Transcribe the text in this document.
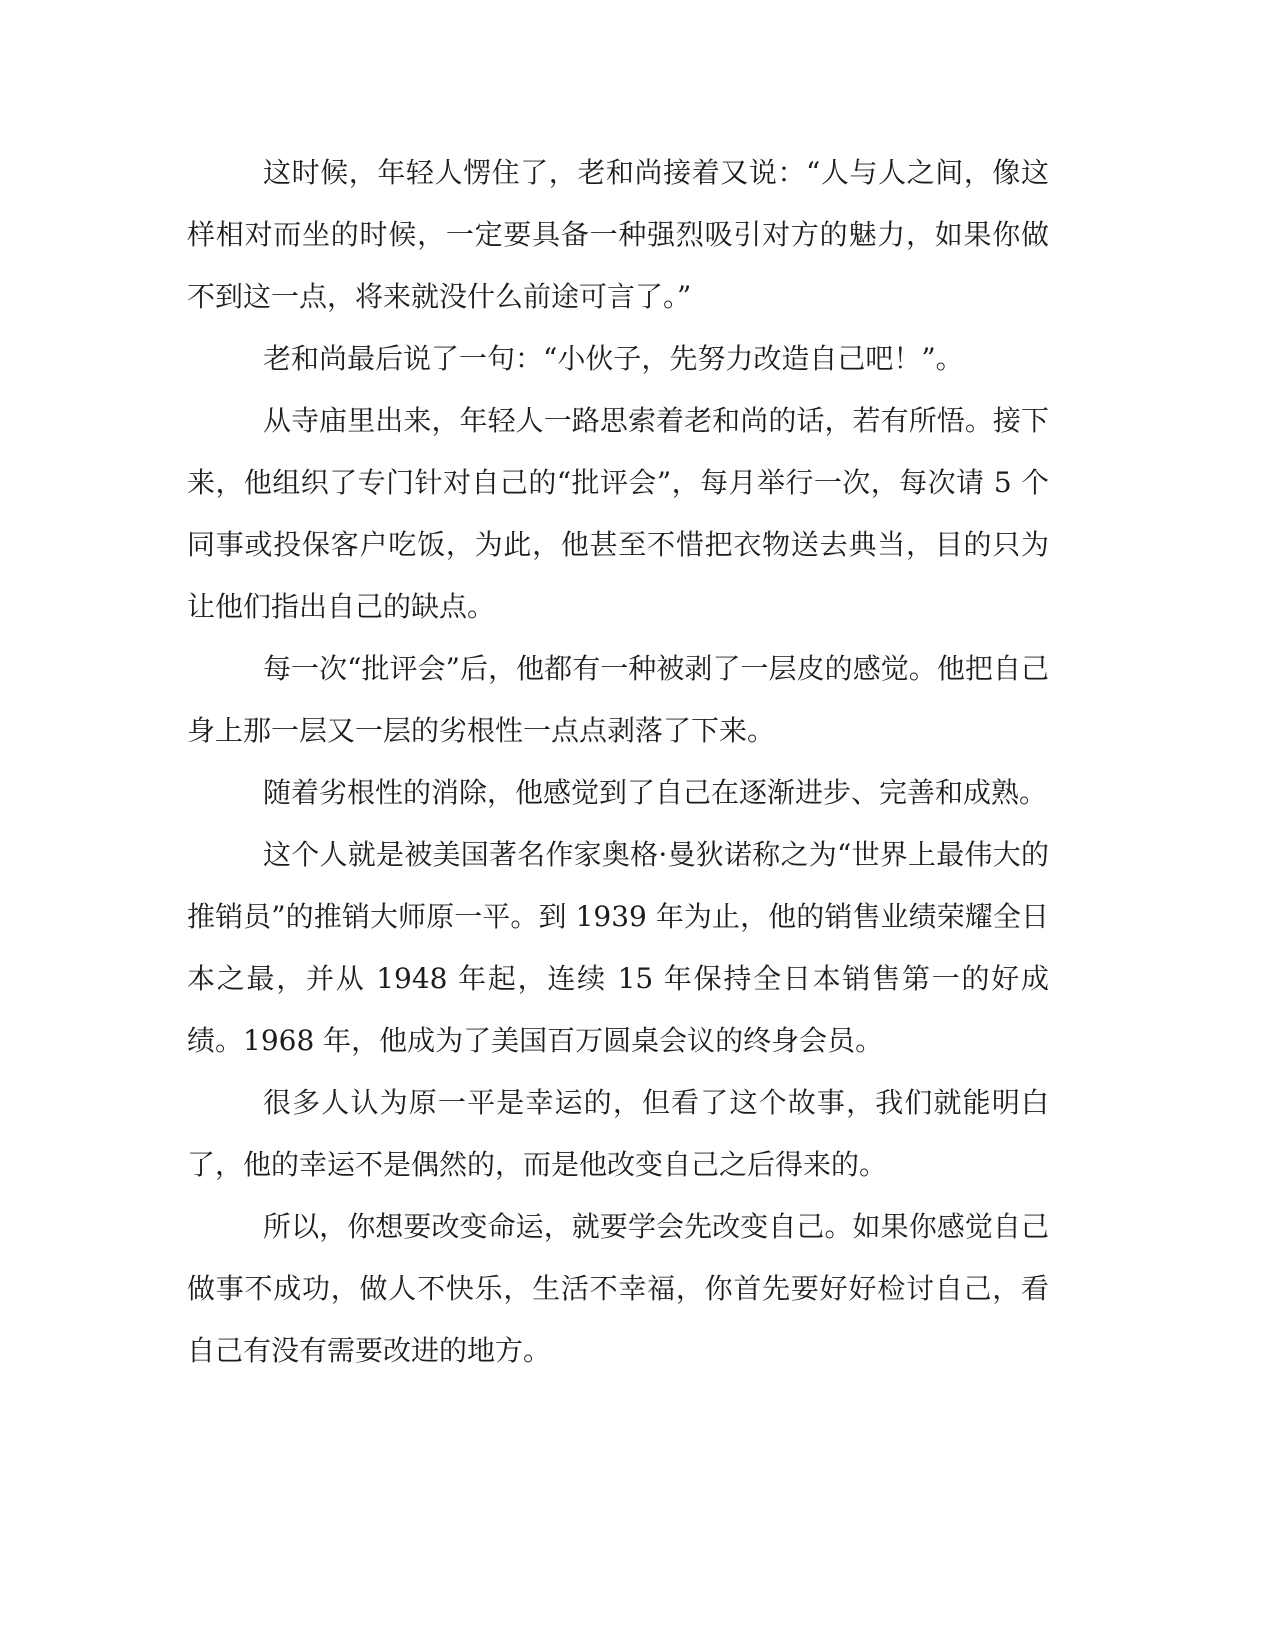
这时候，年轻人愣住了，老和尚接着又说：“人与人之间，像这样相对而坐的时候，一定要具备一种强烈吸引对方的魅力，如果你做不到这一点，将来就没什么前途可言了。”

老和尚最后说了一句：“小伙子，先努力改造自己吧！”。

从寺庙里出来，年轻人一路思索着老和尚的话，若有所悟。接下来，他组织了专门针对自己的“批评会”，每月举行一次，每次请 5 个同事或投保客户吃饭，为此，他甚至不惜把衣物送去典当，目的只为让他们指出自己的缺点。

每一次“批评会”后，他都有一种被剥了一层皮的感觉。他把自己身上那一层又一层的劣根性一点点剥落了下来。

随着劣根性的消除，他感觉到了自己在逐渐进步、完善和成熟。

这个人就是被美国著名作家奥格·曼狄诺称之为“世界上最伟大的推销员”的推销大师原一平。到 1939 年为止，他的销售业绩荣耀全日本之最，并从 1948 年起，连续 15 年保持全日本销售第一的好成绩。1968 年，他成为了美国百万圆桌会议的终身会员。

很多人认为原一平是幸运的，但看了这个故事，我们就能明白了，他的幸运不是偶然的，而是他改变自己之后得来的。

所以，你想要改变命运，就要学会先改变自己。如果你感觉自己做事不成功，做人不快乐，生活不幸福，你首先要好好检讨自己，看自己有没有需要改进的地方。
